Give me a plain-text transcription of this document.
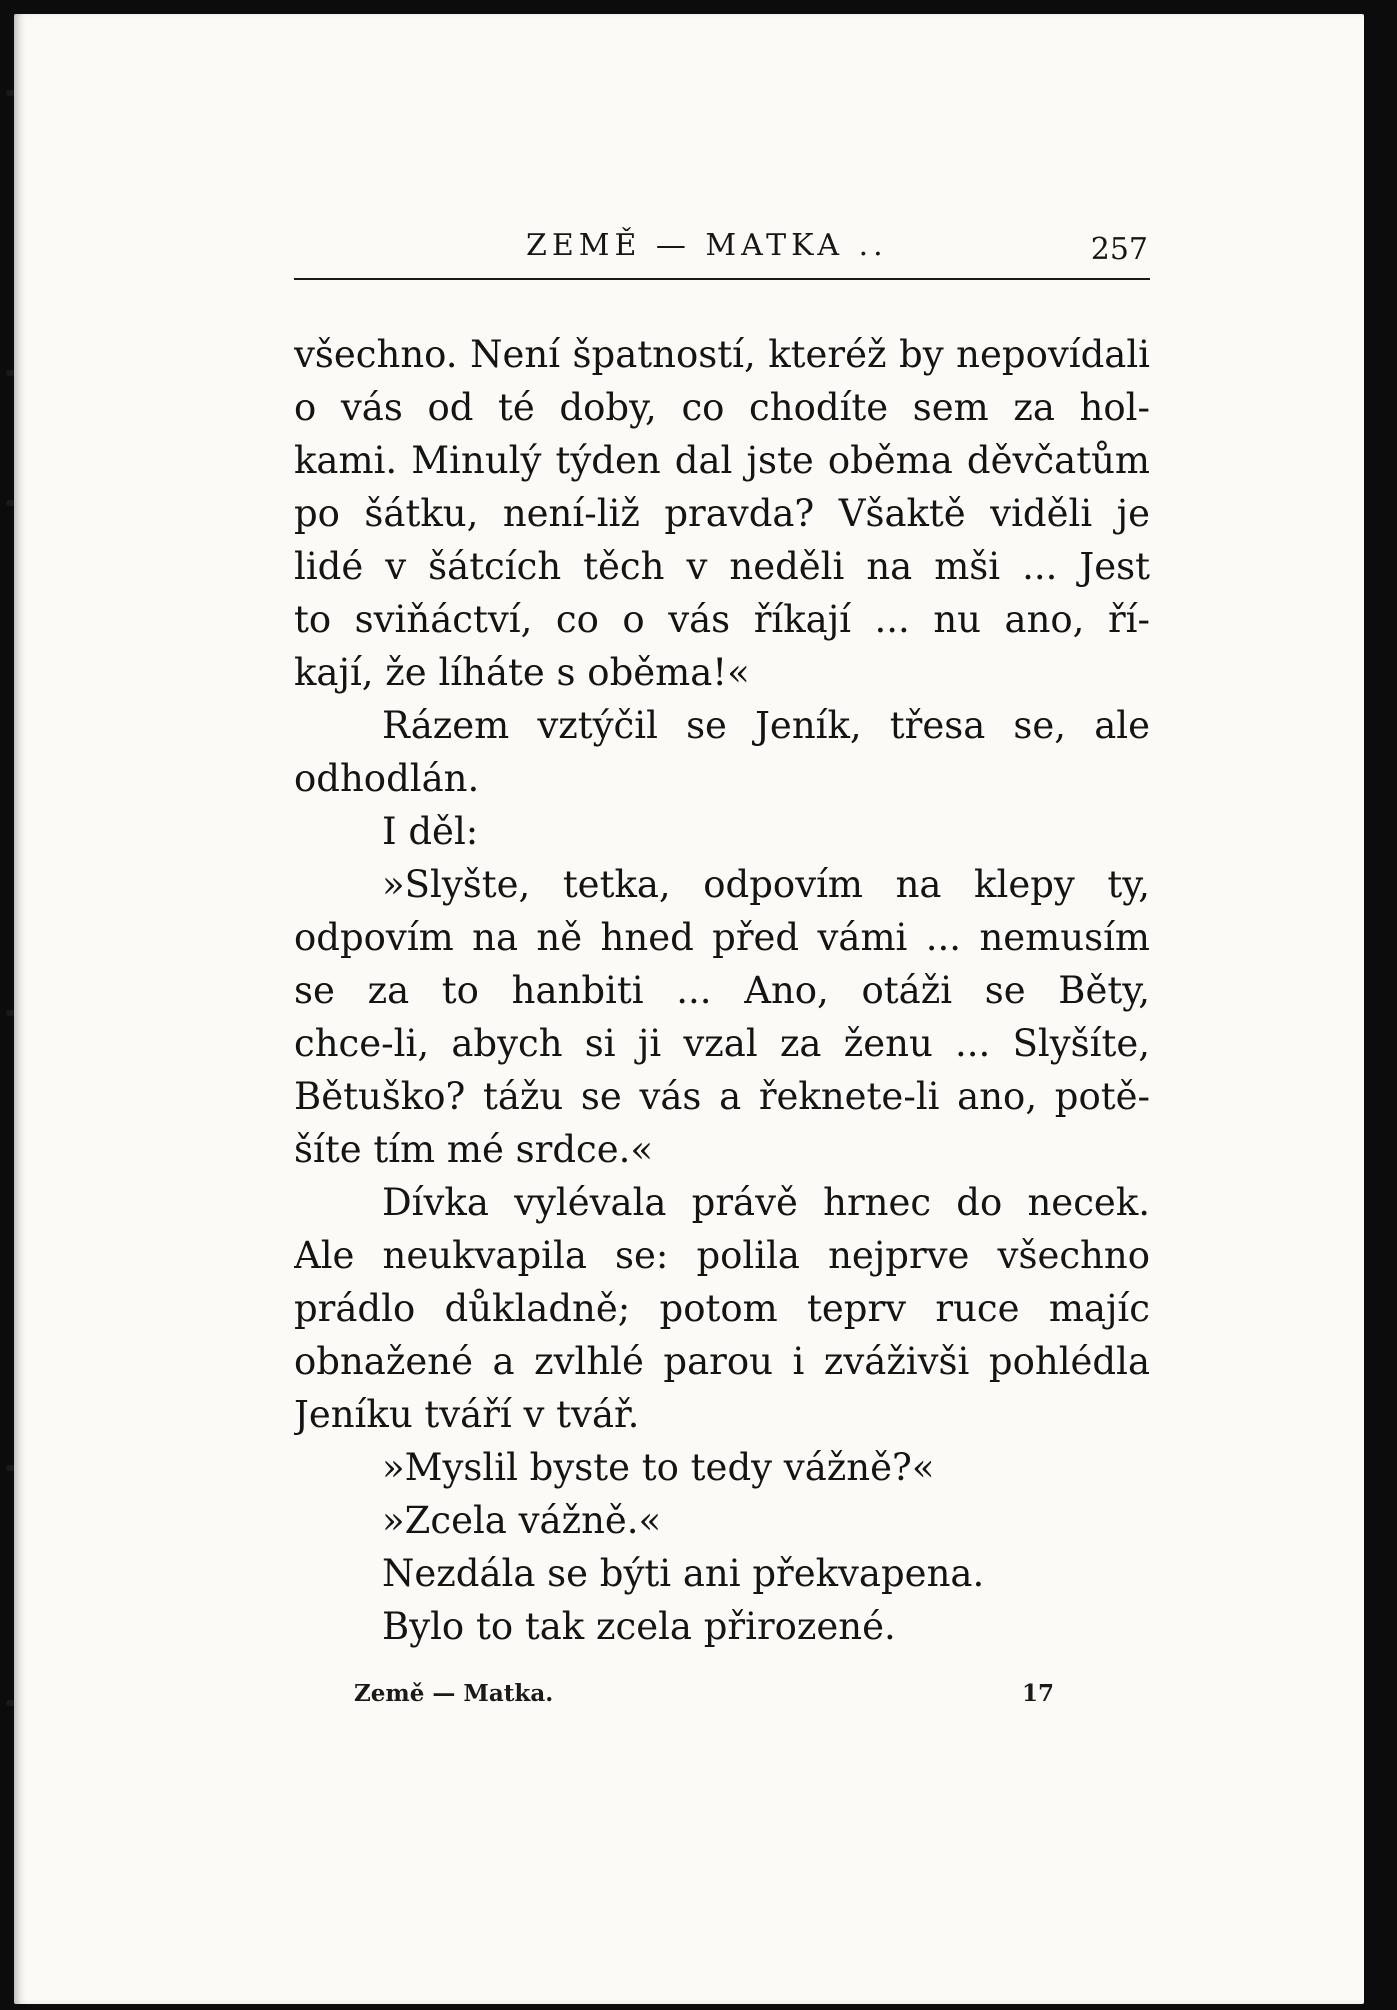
ZEMĚ — MATKA ..	257
všechno. Není špatností, kteréž by nepovídali
o vás od té doby, co chodíte sem za hol-
kami. Minulý týden dal jste oběma děvčatům
po šátku, není-liž pravda? Všaktě viděli je
lidé v šátcích těch v neděli na mši ... Jest
to sviňáctví, co o vás říkají ... nu ano, ří-
kají, že líháte s oběma!«
Rázem vztýčil se Jeník, třesa se, ale
odhodlán.
I děl:
»Slyšte, tetka, odpovím na klepy ty,
odpovím na ně hned před vámi ... nemusím
se za to hanbiti ... Ano, otáži se Běty,
chce-li, abych si ji vzal za ženu ... Slyšíte,
Bětuško? tážu se vás a řeknete-li ano, potě-
šíte tím mé srdce.«
Dívka vylévala právě hrnec do necek.
Ale neukvapila se: polila nejprve všechno
prádlo důkladně; potom teprv ruce majíc
obnažené a zvlhlé parou i zváživši pohlédla
Jeníku tváří v tvář.
»Myslil byste to tedy vážně?«
»Zcela vážně.«
Nezdála se býti ani překvapena.
Bylo to tak zcela přirozené.
Země — Matka.	17
